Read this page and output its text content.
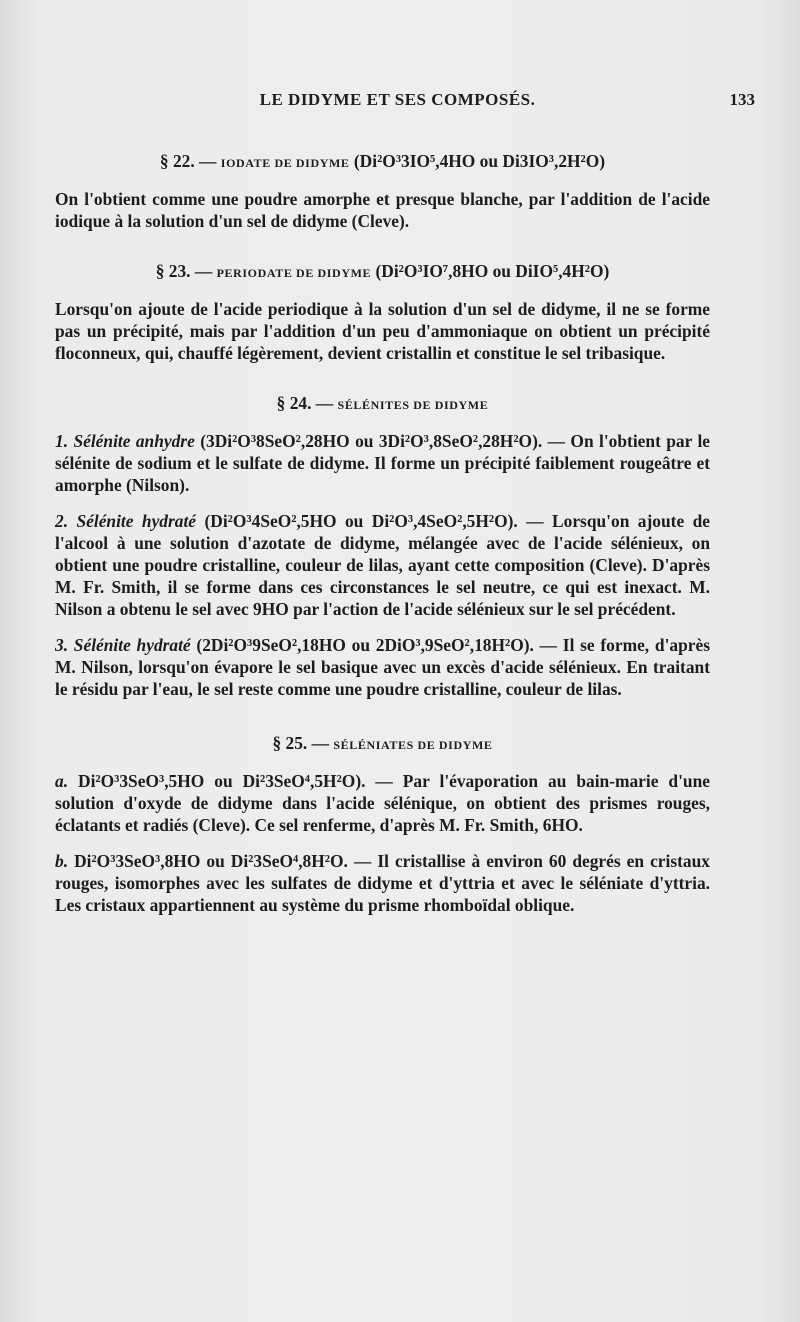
LE DIDYME ET SES COMPOSÉS.	133
§ 22. — IODATE DE DIDYME (Di²O³3IO⁵,4HO ou Di3IO³,2H²O)

On l'obtient comme une poudre amorphe et presque blanche, par l'addition de l'acide iodique à la solution d'un sel de didyme (Cleve).

§ 23. — PERIODATE DE DIDYME (Di²O³IO⁷,8HO ou DiIO⁵,4H²O)

Lorsqu'on ajoute de l'acide periodique à la solution d'un sel de didyme, il ne se forme pas un précipité, mais par l'addition d'un peu d'ammoniaque on obtient un précipité floconneux, qui, chauffé légèrement, devient cristallin et constitue le sel tribasique.

§ 24. — SÉLÉNITES DE DIDYME

1. Sélénite anhydre (3Di²O³8SeO²,28HO ou 3Di²O³,8SeO²,28H²O). — On l'obtient par le sélénite de sodium et le sulfate de didyme. Il forme un précipité faiblement rougeâtre et amorphe (Nilson).

2. Sélénite hydraté (Di²O³4SeO²,5HO ou Di²O³,4SeO²,5H²O). — Lorsqu'on ajoute de l'alcool à une solution d'azotate de didyme, mélangée avec de l'acide sélénieux, on obtient une poudre cristalline, couleur de lilas, ayant cette composition (Cleve). D'après M. Fr. Smith, il se forme dans ces circonstances le sel neutre, ce qui est inexact. M. Nilson a obtenu le sel avec 9HO par l'action de l'acide sélénieux sur le sel précédent.

3. Sélénite hydraté (2Di²O³9SeO²,18HO ou 2DiO³,9SeO²,18H²O). — Il se forme, d'après M. Nilson, lorsqu'on évapore le sel basique avec un excès d'acide sélénieux. En traitant le résidu par l'eau, le sel reste comme une poudre cristalline, couleur de lilas.

§ 25. — SÉLÉNIATES DE DIDYME

a. Di²O³3SeO³,5HO ou Di²3SeO⁴,5H²O). — Par l'évaporation au bain-marie d'une solution d'oxyde de didyme dans l'acide sélénique, on obtient des prismes rouges, éclatants et radiés (Cleve). Ce sel renferme, d'après M. Fr. Smith, 6HO.

b. Di²O³3SeO³,8HO ou Di²3SeO⁴,8H²O. — Il cristallise à environ 60 degrés en cristaux rouges, isomorphes avec les sulfates de didyme et d'yttria et avec le séléniate d'yttria. Les cristaux appartiennent au système du prisme rhomboïdal oblique.
